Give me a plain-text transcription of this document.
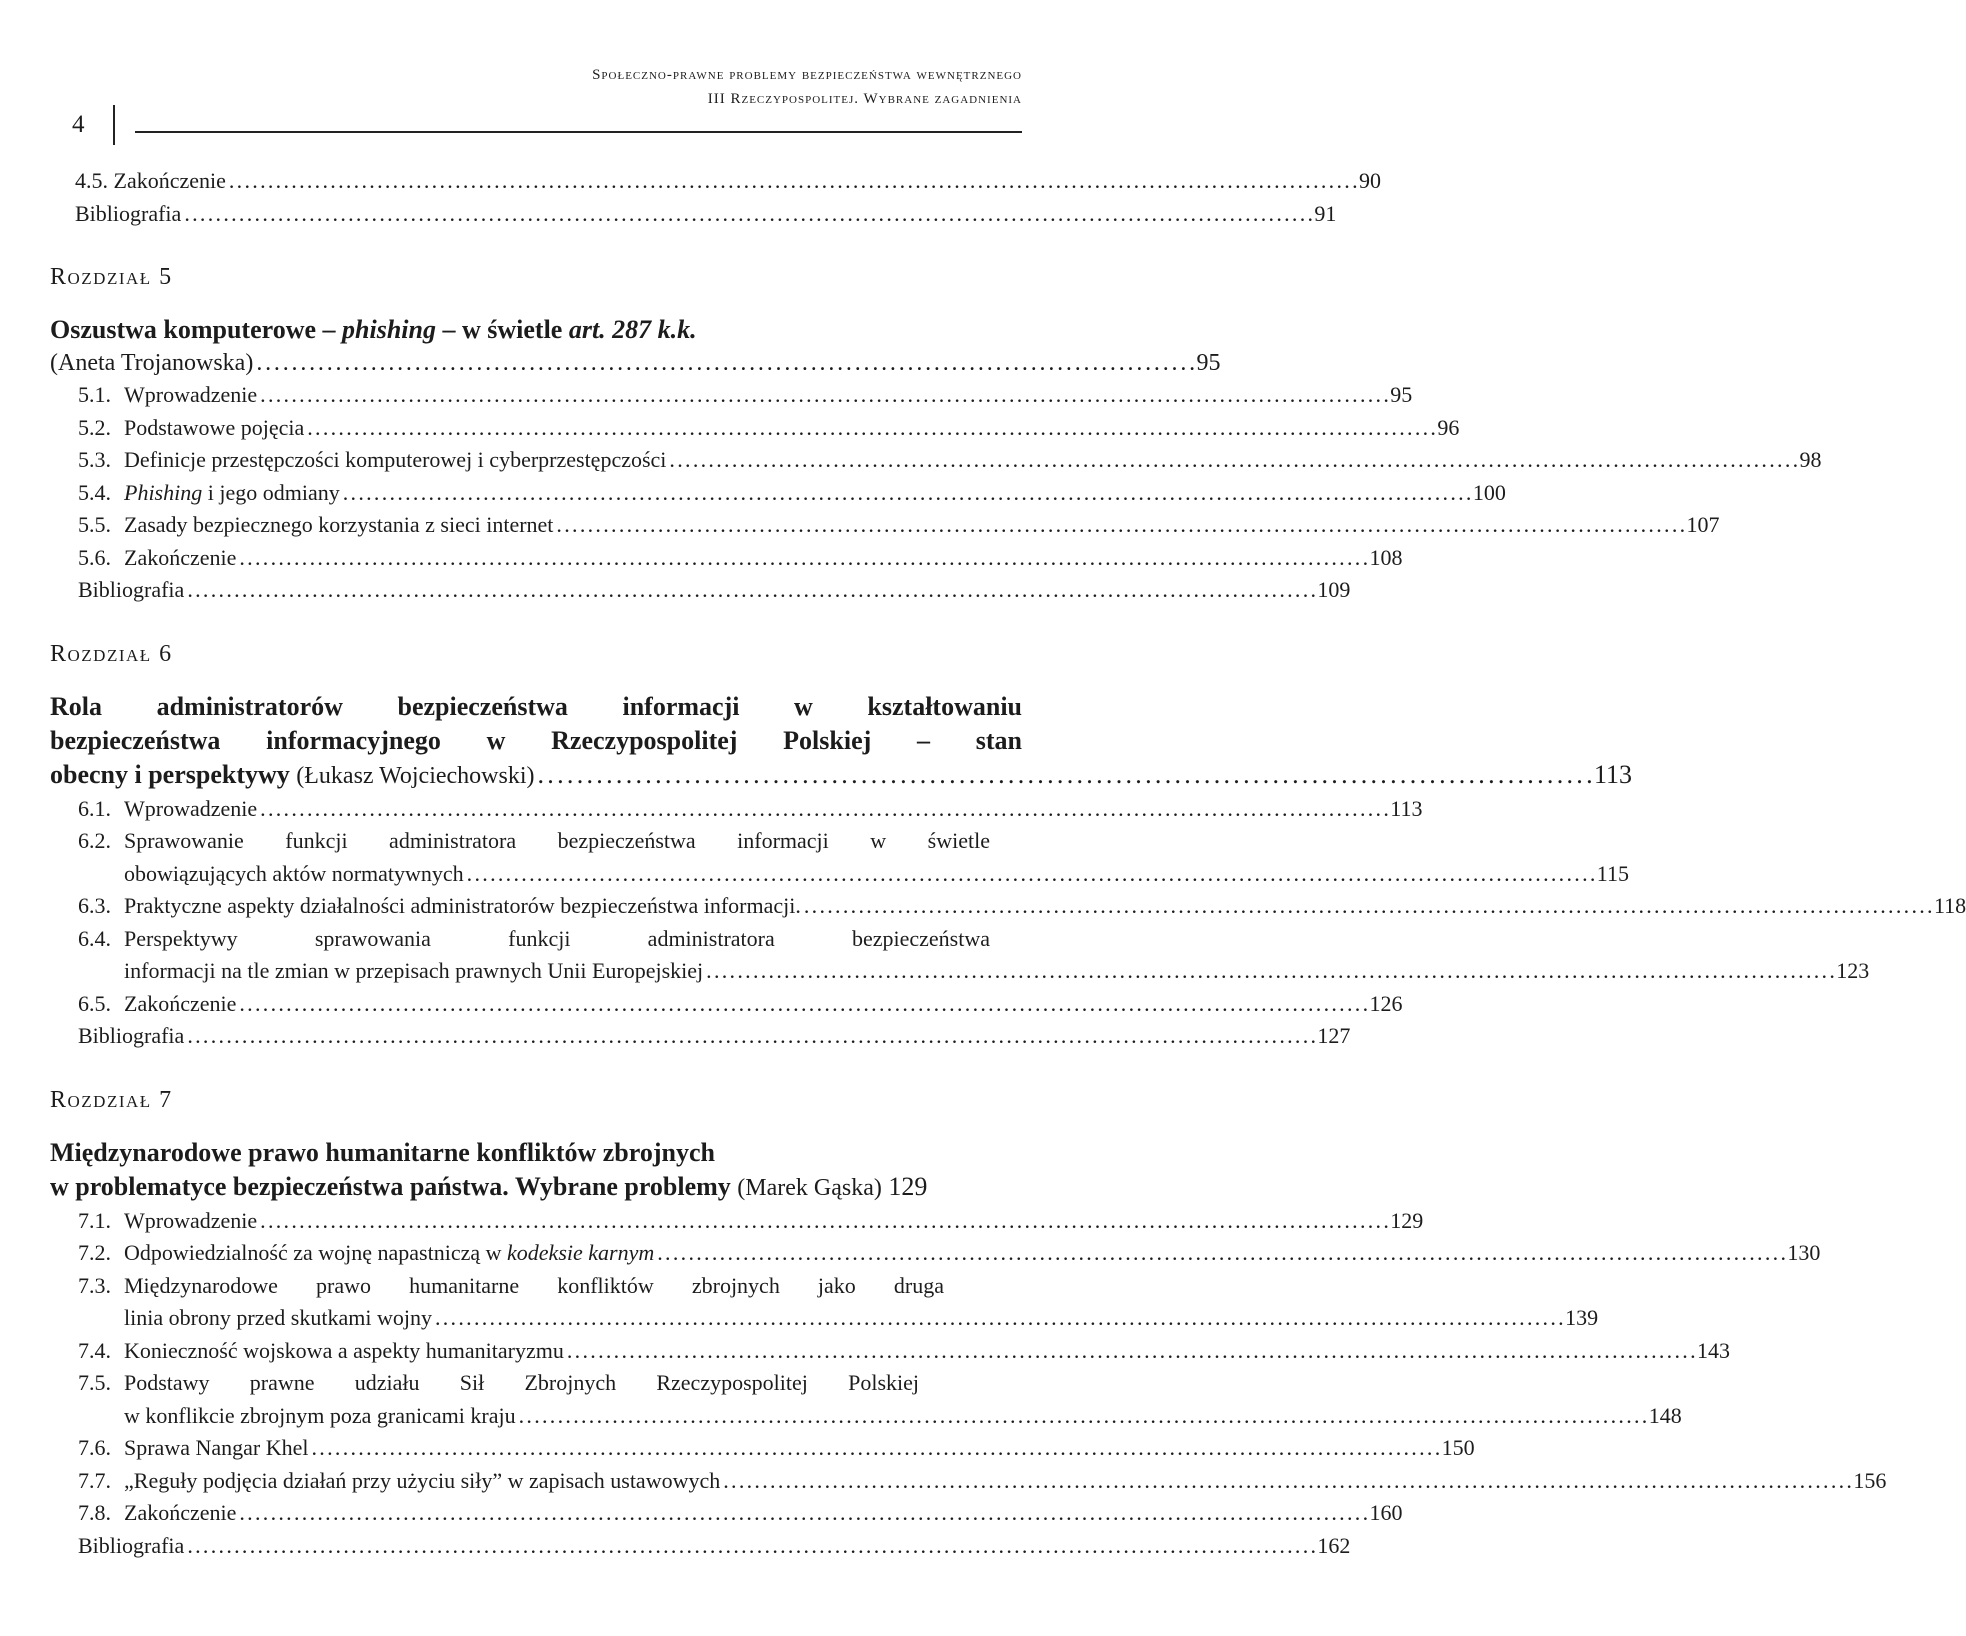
4
Społeczno-prawne problemy bezpieczeństwa wewnętrznego
III Rzeczypospolitej. Wybrane zagadnienia
4.5. Zakończenie . . .	90
Bibliografia . . .	91
Rozdział 5
Oszustwa komputerowe – phishing – w świetle art. 287 k.k.
(Aneta Trojanowska) . . .	95
5.1. Wprowadzenie . . .	95
5.2. Podstawowe pojęcia . . .	96
5.3. Definicje przestępczości komputerowej i cyberprzestępczości . . .	98
5.4. Phishing i jego odmiany . . .	100
5.5. Zasady bezpiecznego korzystania z sieci internet . . .	107
5.6. Zakończenie . . .	108
Bibliografia . . .	109
Rozdział 6
Rola administratorów bezpieczeństwa informacji w kształtowaniu
bezpieczeństwa informacyjnego w Rzeczypospolitej Polskiej – stan
obecny i perspektywy
(Łukasz Wojciechowski) . . .	113
6.1. Wprowadzenie . . .	113
6.2. Sprawowanie funkcji administratora bezpieczeństwa informacji w świetle
obowiązujących aktów normatywnych . . .	115
6.3. Praktyczne aspekty działalności administratorów bezpieczeństwa informacji. . . .	118
6.4. Perspektywy sprawowania funkcji administratora bezpieczeństwa
informacji na tle zmian w przepisach prawnych Unii Europejskiej . . .	123
6.5. Zakończenie . . .	126
Bibliografia . . .	127
Rozdział 7
Międzynarodowe prawo humanitarne konfliktów zbrojnych
w problematyce bezpieczeństwa państwa. Wybrane problemy
(Marek Gąska)
129
7.1. Wprowadzenie . . .	129
7.2. Odpowiedzialność za wojnę napastniczą w kodeksie karnym . . .	130
7.3. Międzynarodowe prawo humanitarne konfliktów zbrojnych jako druga
linia obrony przed skutkami wojny . . .	139
7.4. Konieczność wojskowa a aspekty humanitaryzmu . . .	143
7.5. Podstawy prawne udziału Sił Zbrojnych Rzeczypospolitej Polskiej
w konflikcie zbrojnym poza granicami kraju . . .	148
7.6. Sprawa Nangar Khel . . .	150
7.7. „Reguły podjęcia działań przy użyciu siły” w zapisach ustawowych . . .	156
7.8. Zakończenie . . .	160
Bibliografia . . .	162
